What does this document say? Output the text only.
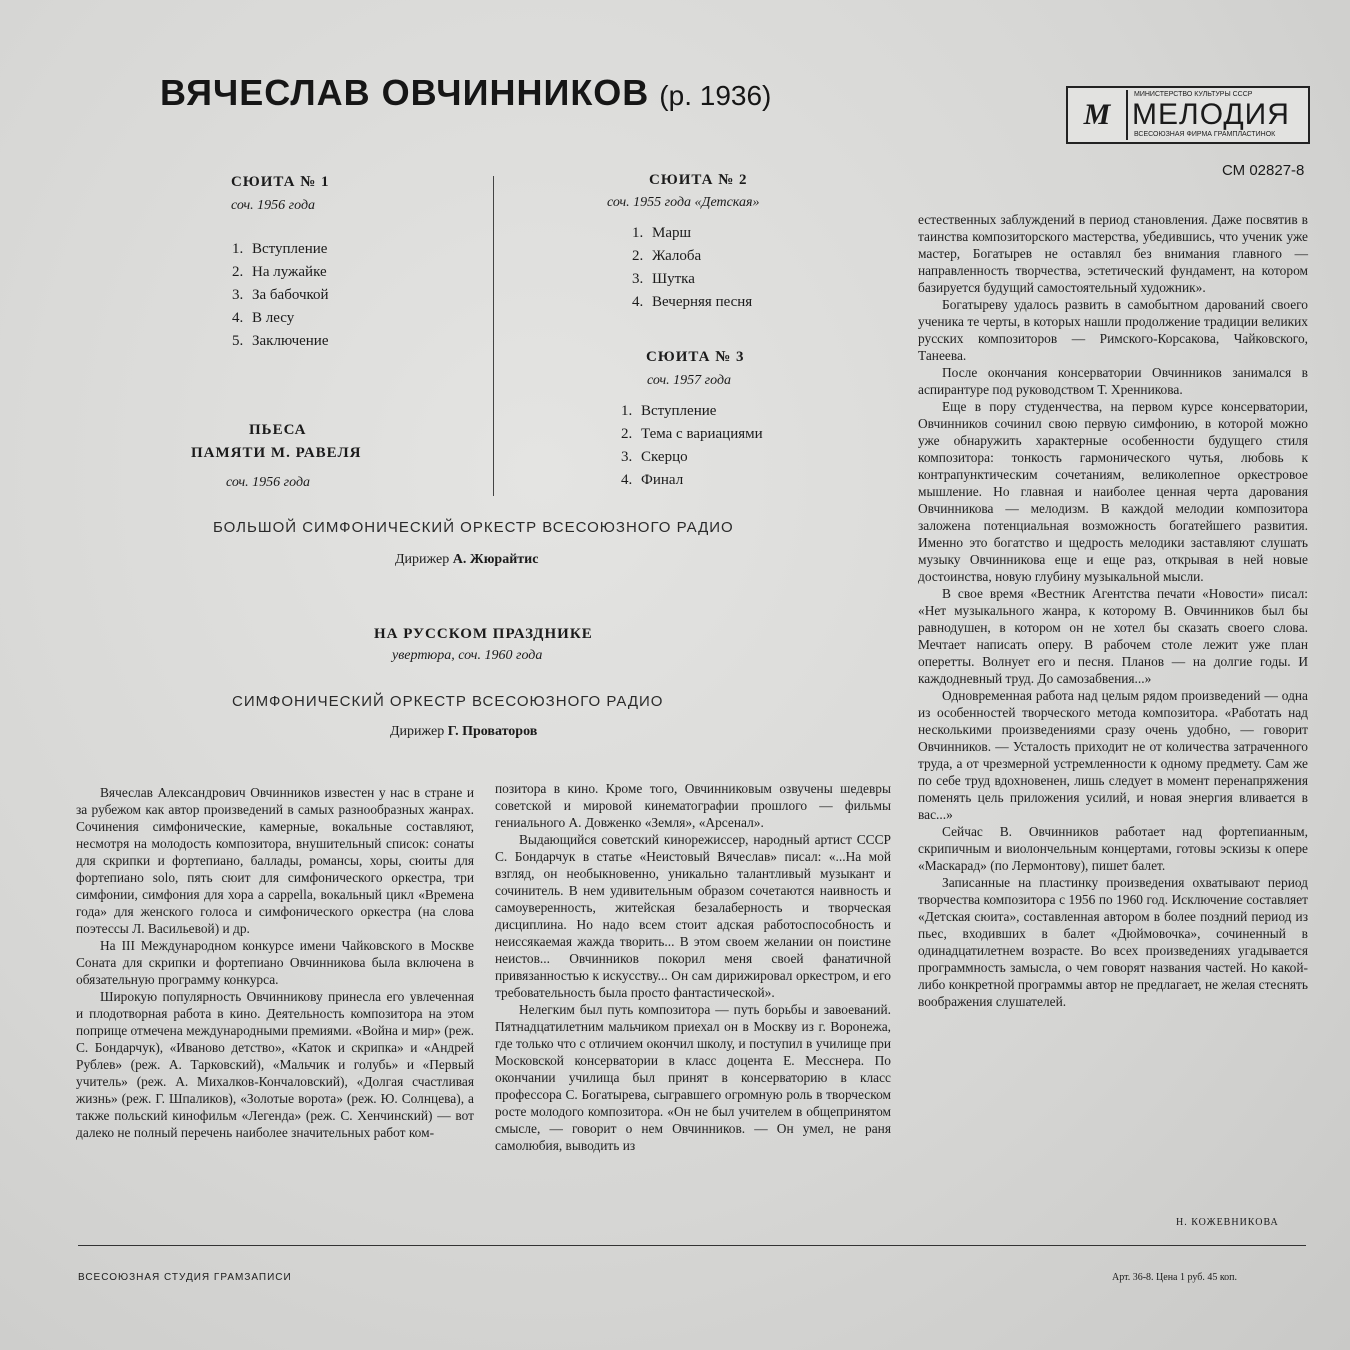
ВЯЧЕСЛАВ ОВЧИННИКОВ (р. 1936)
М
МИНИСТЕРСТВО КУЛЬТУРЫ СССР
МЕЛОДИЯ
ВСЕСОЮЗНАЯ ФИРМА ГРАМПЛАСТИНОК
СМ 02827-8
СЮИТА № 1
соч. 1956 года
1. Вступление
2. На лужайке
3. За бабочкой
4. В лесу
5. Заключение
ПЬЕСА
ПАМЯТИ М. РАВЕЛЯ
соч. 1956 года
СЮИТА № 2
соч. 1955 года «Детская»
1. Марш
2. Жалоба
3. Шутка
4. Вечерняя песня
СЮИТА № 3
соч. 1957 года
1. Вступление
2. Тема с вариациями
3. Скерцо
4. Финал
БОЛЬШОЙ СИМФОНИЧЕСКИЙ ОРКЕСТР ВСЕСОЮЗНОГО РАДИО
Дирижер А. Жюрайтис
НА РУССКОМ ПРАЗДНИКЕ
увертюра, соч. 1960 года
СИМФОНИЧЕСКИЙ ОРКЕСТР ВСЕСОЮЗНОГО РАДИО
Дирижер Г. Проваторов

Вячеслав Александрович Овчинников известен у нас в стране и за рубежом как автор произведений в самых разнообразных жанрах. Сочинения симфонические, камерные, вокальные составляют, несмотря на молодость композитора, внушительный список: сонаты для скрипки и фортепиано, баллады, романсы, хоры, сюиты для фортепиано solo, пять сюит для симфонического оркестра, три симфонии, симфония для хора a cappella, вокальный цикл «Времена года» для женского голоса и симфонического оркестра (на слова поэтессы Л. Васильевой) и др.

На III Международном конкурсе имени Чайковского в Москве Соната для скрипки и фортепиано Овчинникова была включена в обязательную программу конкурса.

Широкую популярность Овчинникову принесла его увлеченная и плодотворная работа в кино. Деятельность композитора на этом поприще отмечена международными премиями. «Война и мир» (реж. С. Бондарчук), «Иваново детство», «Каток и скрипка» и «Андрей Рублев» (реж. А. Тарковский), «Мальчик и голубь» и «Первый учитель» (реж. А. Михалков-Кончаловский), «Долгая счастливая жизнь» (реж. Г. Шпаликов), «Золотые ворота» (реж. Ю. Солнцева), а также польский кинофильм «Легенда» (реж. С. Хенчинский) — вот далеко не полный перечень наиболее значительных работ ком-

позитора в кино. Кроме того, Овчинниковым озвучены шедевры советской и мировой кинематографии прошлого — фильмы гениального А. Довженко «Земля», «Арсенал».

Выдающийся советский кинорежиссер, народный артист СССР С. Бондарчук в статье «Неистовый Вячеслав» писал: «...На мой взгляд, он необыкновенно, уникально талантливый музыкант и сочинитель. В нем удивительным образом сочетаются наивность и самоуверенность, житейская безалаберность и творческая дисциплина. Но надо всем стоит адская работоспособность и неиссякаемая жажда творить... В этом своем желании он поистине неистов... Овчинников покорил меня своей фанатичной привязанностью к искусству... Он сам дирижировал оркестром, и его требовательность была просто фантастической».

Нелегким был путь композитора — путь борьбы и завоеваний. Пятнадцатилетним мальчиком приехал он в Москву из г. Воронежа, где только что с отличием окончил школу, и поступил в училище при Московской консерватории в класс доцента Е. Месснера. По окончании училища был принят в консерваторию в класс профессора С. Богатырева, сыгравшего огромную роль в творческом росте молодого композитора. «Он не был учителем в общепринятом смысле, — говорит о нем Овчинников. — Он умел, не раня самолюбия, выводить из

естественных заблуждений в период становления. Даже посвятив в таинства композиторского мастерства, убедившись, что ученик уже мастер, Богатырев не оставлял без внимания главного — направленность творчества, эстетический фундамент, на котором базируется будущий самостоятельный художник».

Богатыреву удалось развить в самобытном дарований своего ученика те черты, в которых нашли продолжение традиции великих русских композиторов — Римского-Корсакова, Чайковского, Танеева.

После окончания консерватории Овчинников занимался в аспирантуре под руководством Т. Хренникова.

Еще в пору студенчества, на первом курсе консерватории, Овчинников сочинил свою первую симфонию, в которой можно уже обнаружить характерные особенности будущего стиля композитора: тонкость гармонического чутья, любовь к контрапунктическим сочетаниям, великолепное оркестровое мышление. Но главная и наиболее ценная черта дарования Овчинникова — мелодизм. В каждой мелодии композитора заложена потенциальная возможность богатейшего развития. Именно это богатство и щедрость мелодики заставляют слушать музыку Овчинникова еще и еще раз, открывая в ней новые достоинства, новую глубину музыкальной мысли.

В свое время «Вестник Агентства печати «Новости» писал: «Нет музыкального жанра, к которому В. Овчинников был бы равнодушен, в котором он не хотел бы сказать своего слова. Мечтает написать оперу. В рабочем столе лежит уже план оперетты. Волнует его и песня. Планов — на долгие годы. И каждодневный труд. До самозабвения...»

Одновременная работа над целым рядом произведений — одна из особенностей творческого метода композитора. «Работать над несколькими произведениями сразу очень удобно, — говорит Овчинников. — Усталость приходит не от количества затраченного труда, а от чрезмерной устремленности к одному предмету. Сам же по себе труд вдохновенен, лишь следует в момент перенапряжения поменять цель приложения усилий, и новая энергия вливается в вас...»

Сейчас В. Овчинников работает над фортепианным, скрипичным и виолончельным концертами, готовы эскизы к опере «Маскарад» (по Лермонтову), пишет балет.

Записанные на пластинку произведения охватывают период творчества композитора с 1956 по 1960 год. Исключение составляет «Детская сюита», составленная автором в более поздний период из пьес, входивших в балет «Дюймовочка», сочиненный в одинадцатилетнем возрасте. Во всех произведениях угадывается программность замысла, о чем говорят названия частей. Но какой-либо конкретной программы автор не предлагает, не желая стеснять воображения слушателей.

Н. КОЖЕВНИКОВА
ВСЕСОЮЗНАЯ СТУДИЯ ГРАМЗАПИСИ	Арт. 36-8. Цена 1 руб. 45 коп.
